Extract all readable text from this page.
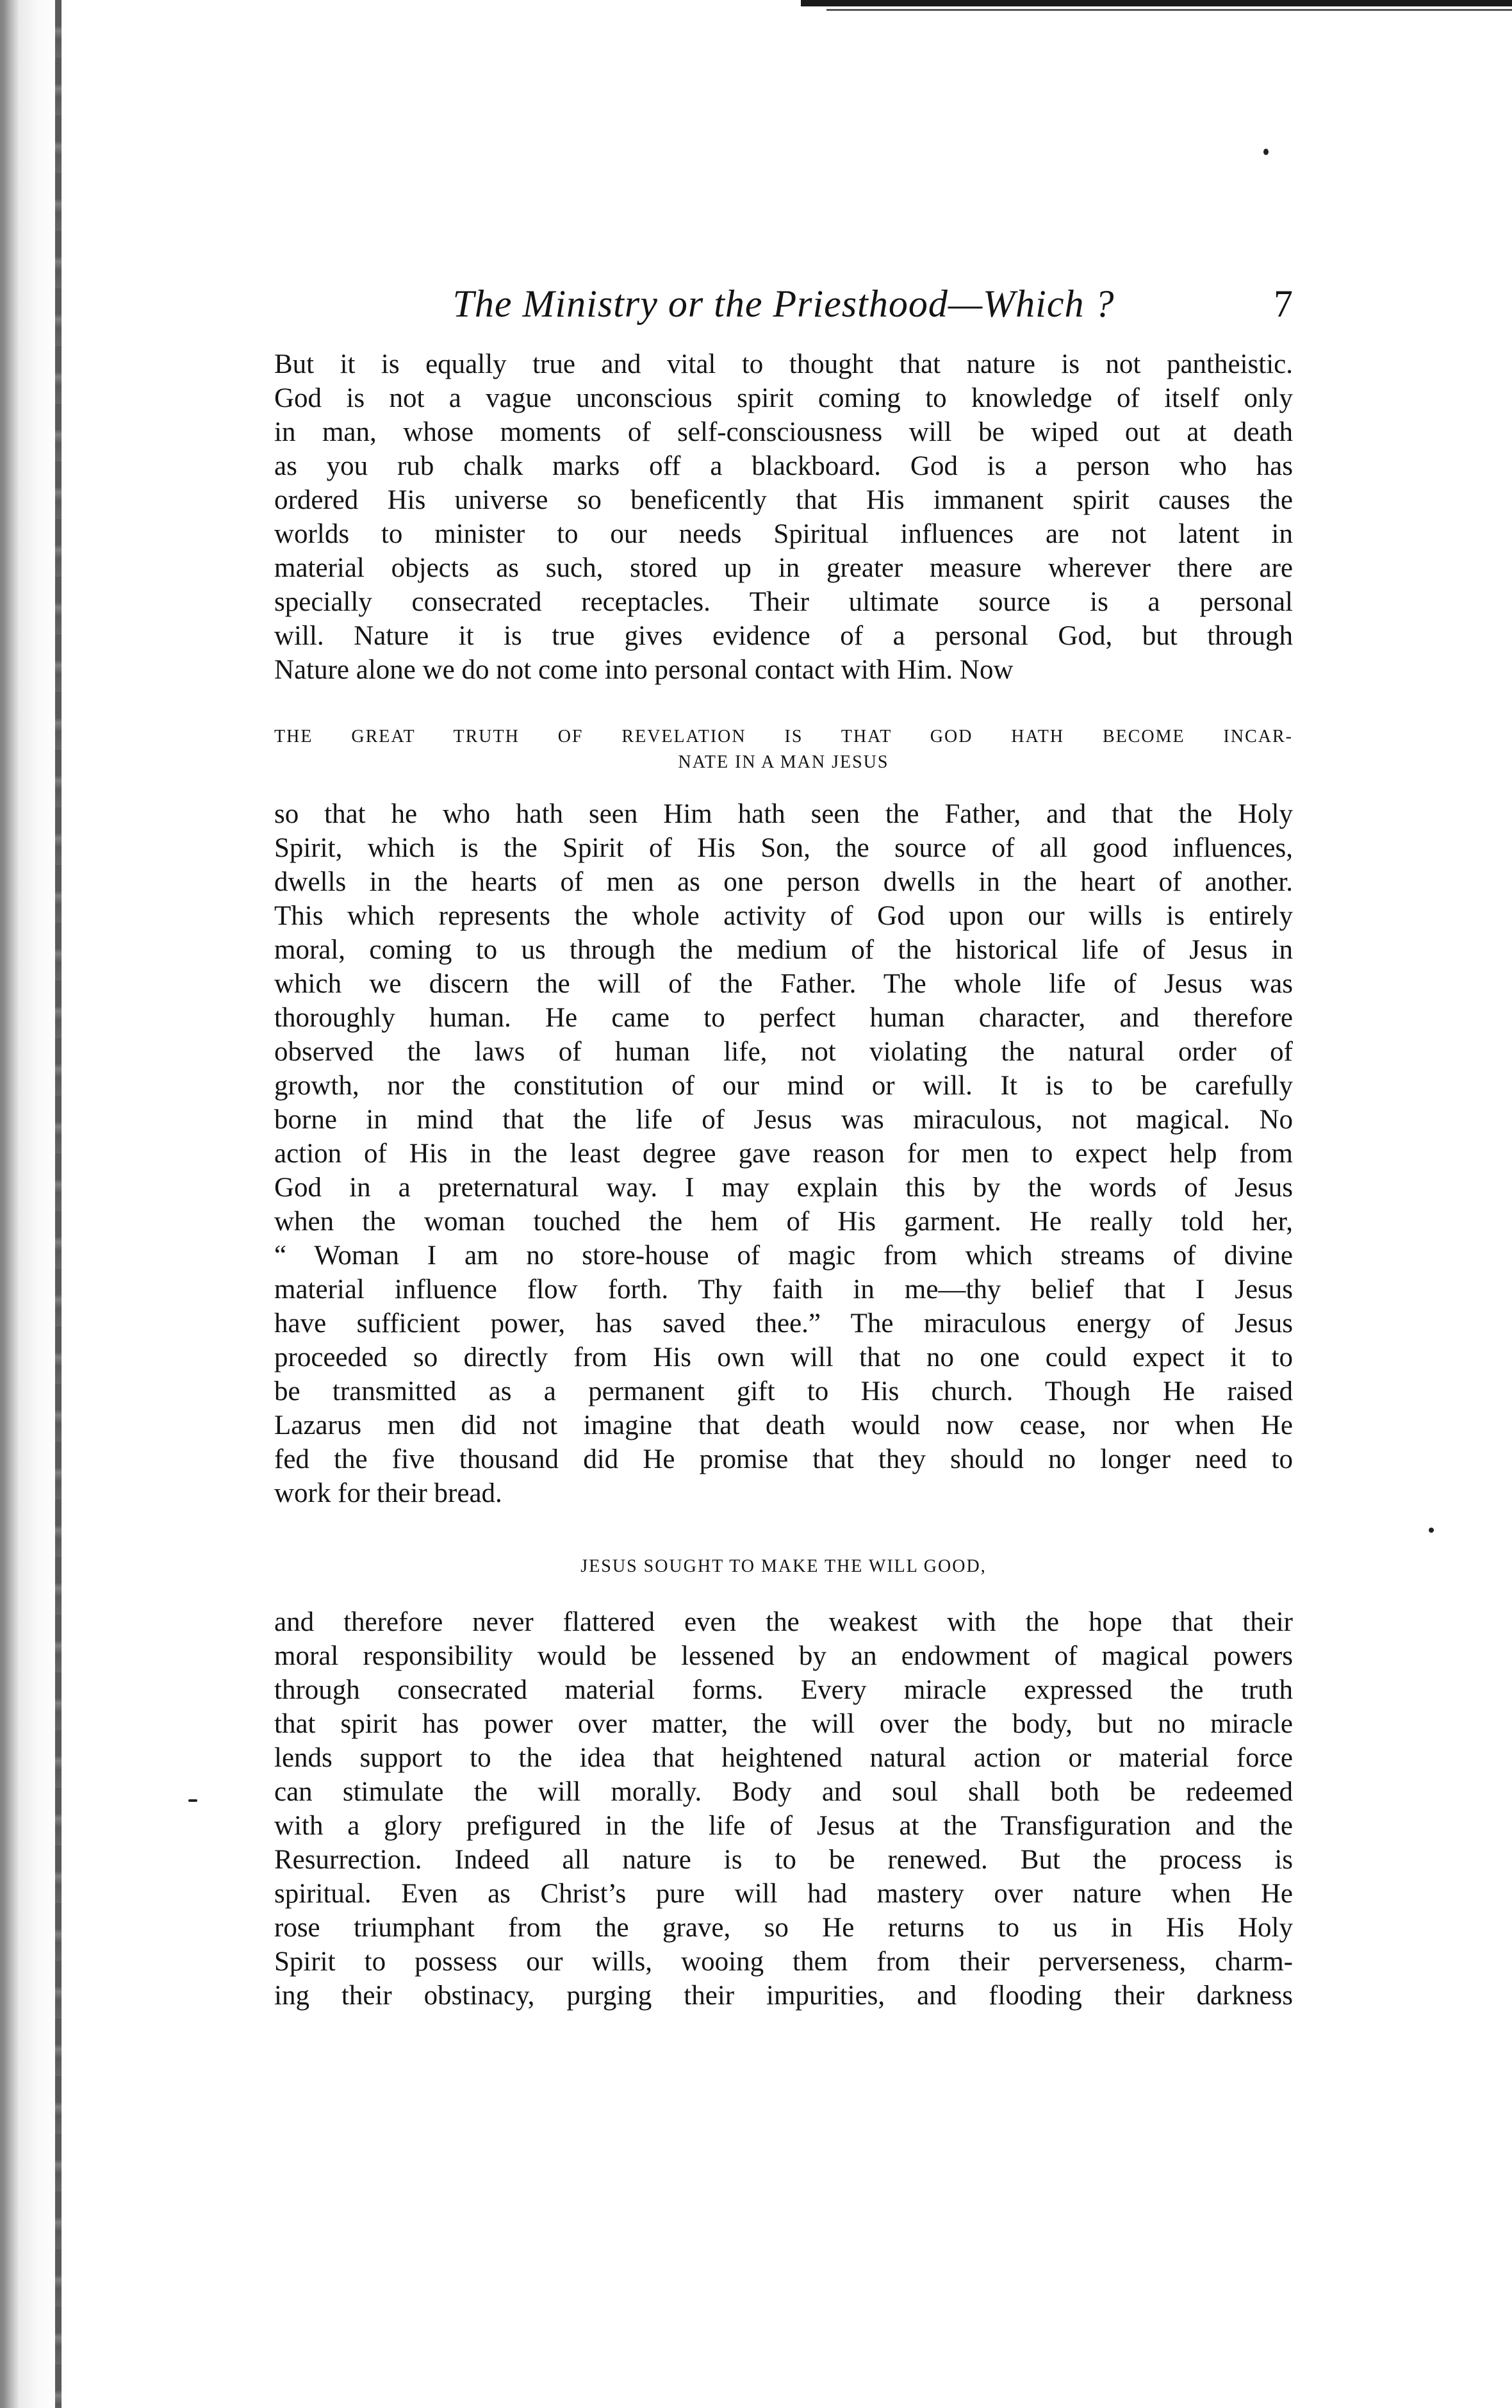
The Ministry or the Priesthood—Which ?	7
But it is equally true and vital to thought that nature is not pantheistic.
God is not a vague unconscious spirit coming to knowledge of itself only
in man, whose moments of self-consciousness will be wiped out at death
as you rub chalk marks off a blackboard. God is a person who has
ordered His universe so beneficently that His immanent spirit causes the
worlds to minister to our needs Spiritual influences are not latent in
material objects as such, stored up in greater measure wherever there are
specially consecrated receptacles. Their ultimate source is a personal
will. Nature it is true gives evidence of a personal God, but through
Nature alone we do not come into personal contact with Him. Now
THE GREAT TRUTH OF REVELATION IS THAT GOD HATH BECOME INCAR-
NATE IN A MAN JESUS
so that he who hath seen Him hath seen the Father, and that the Holy
Spirit, which is the Spirit of His Son, the source of all good influences,
dwells in the hearts of men as one person dwells in the heart of another.
This which represents the whole activity of God upon our wills is entirely
moral, coming to us through the medium of the historical life of Jesus in
which we discern the will of the Father. The whole life of Jesus was
thoroughly human. He came to perfect human character, and therefore
observed the laws of human life, not violating the natural order of
growth, nor the constitution of our mind or will. It is to be carefully
borne in mind that the life of Jesus was miraculous, not magical. No
action of His in the least degree gave reason for men to expect help from
God in a preternatural way. I may explain this by the words of Jesus
when the woman touched the hem of His garment. He really told her,
“ Woman I am no store-house of magic from which streams of divine
material influence flow forth. Thy faith in me—thy belief that I Jesus
have sufficient power, has saved thee.” The miraculous energy of Jesus
proceeded so directly from His own will that no one could expect it to
be transmitted as a permanent gift to His church. Though He raised
Lazarus men did not imagine that death would now cease, nor when He
fed the five thousand did He promise that they should no longer need to
work for their bread.
JESUS SOUGHT TO MAKE THE WILL GOOD,
and therefore never flattered even the weakest with the hope that their
moral responsibility would be lessened by an endowment of magical powers
through consecrated material forms. Every miracle expressed the truth
that spirit has power over matter, the will over the body, but no miracle
lends support to the idea that heightened natural action or material force
can stimulate the will morally. Body and soul shall both be redeemed
with a glory prefigured in the life of Jesus at the Transfiguration and the
Resurrection. Indeed all nature is to be renewed. But the process is
spiritual. Even as Christ’s pure will had mastery over nature when He
rose triumphant from the grave, so He returns to us in His Holy
Spirit to possess our wills, wooing them from their perverseness, charm-
ing their obstinacy, purging their impurities, and flooding their darkness
